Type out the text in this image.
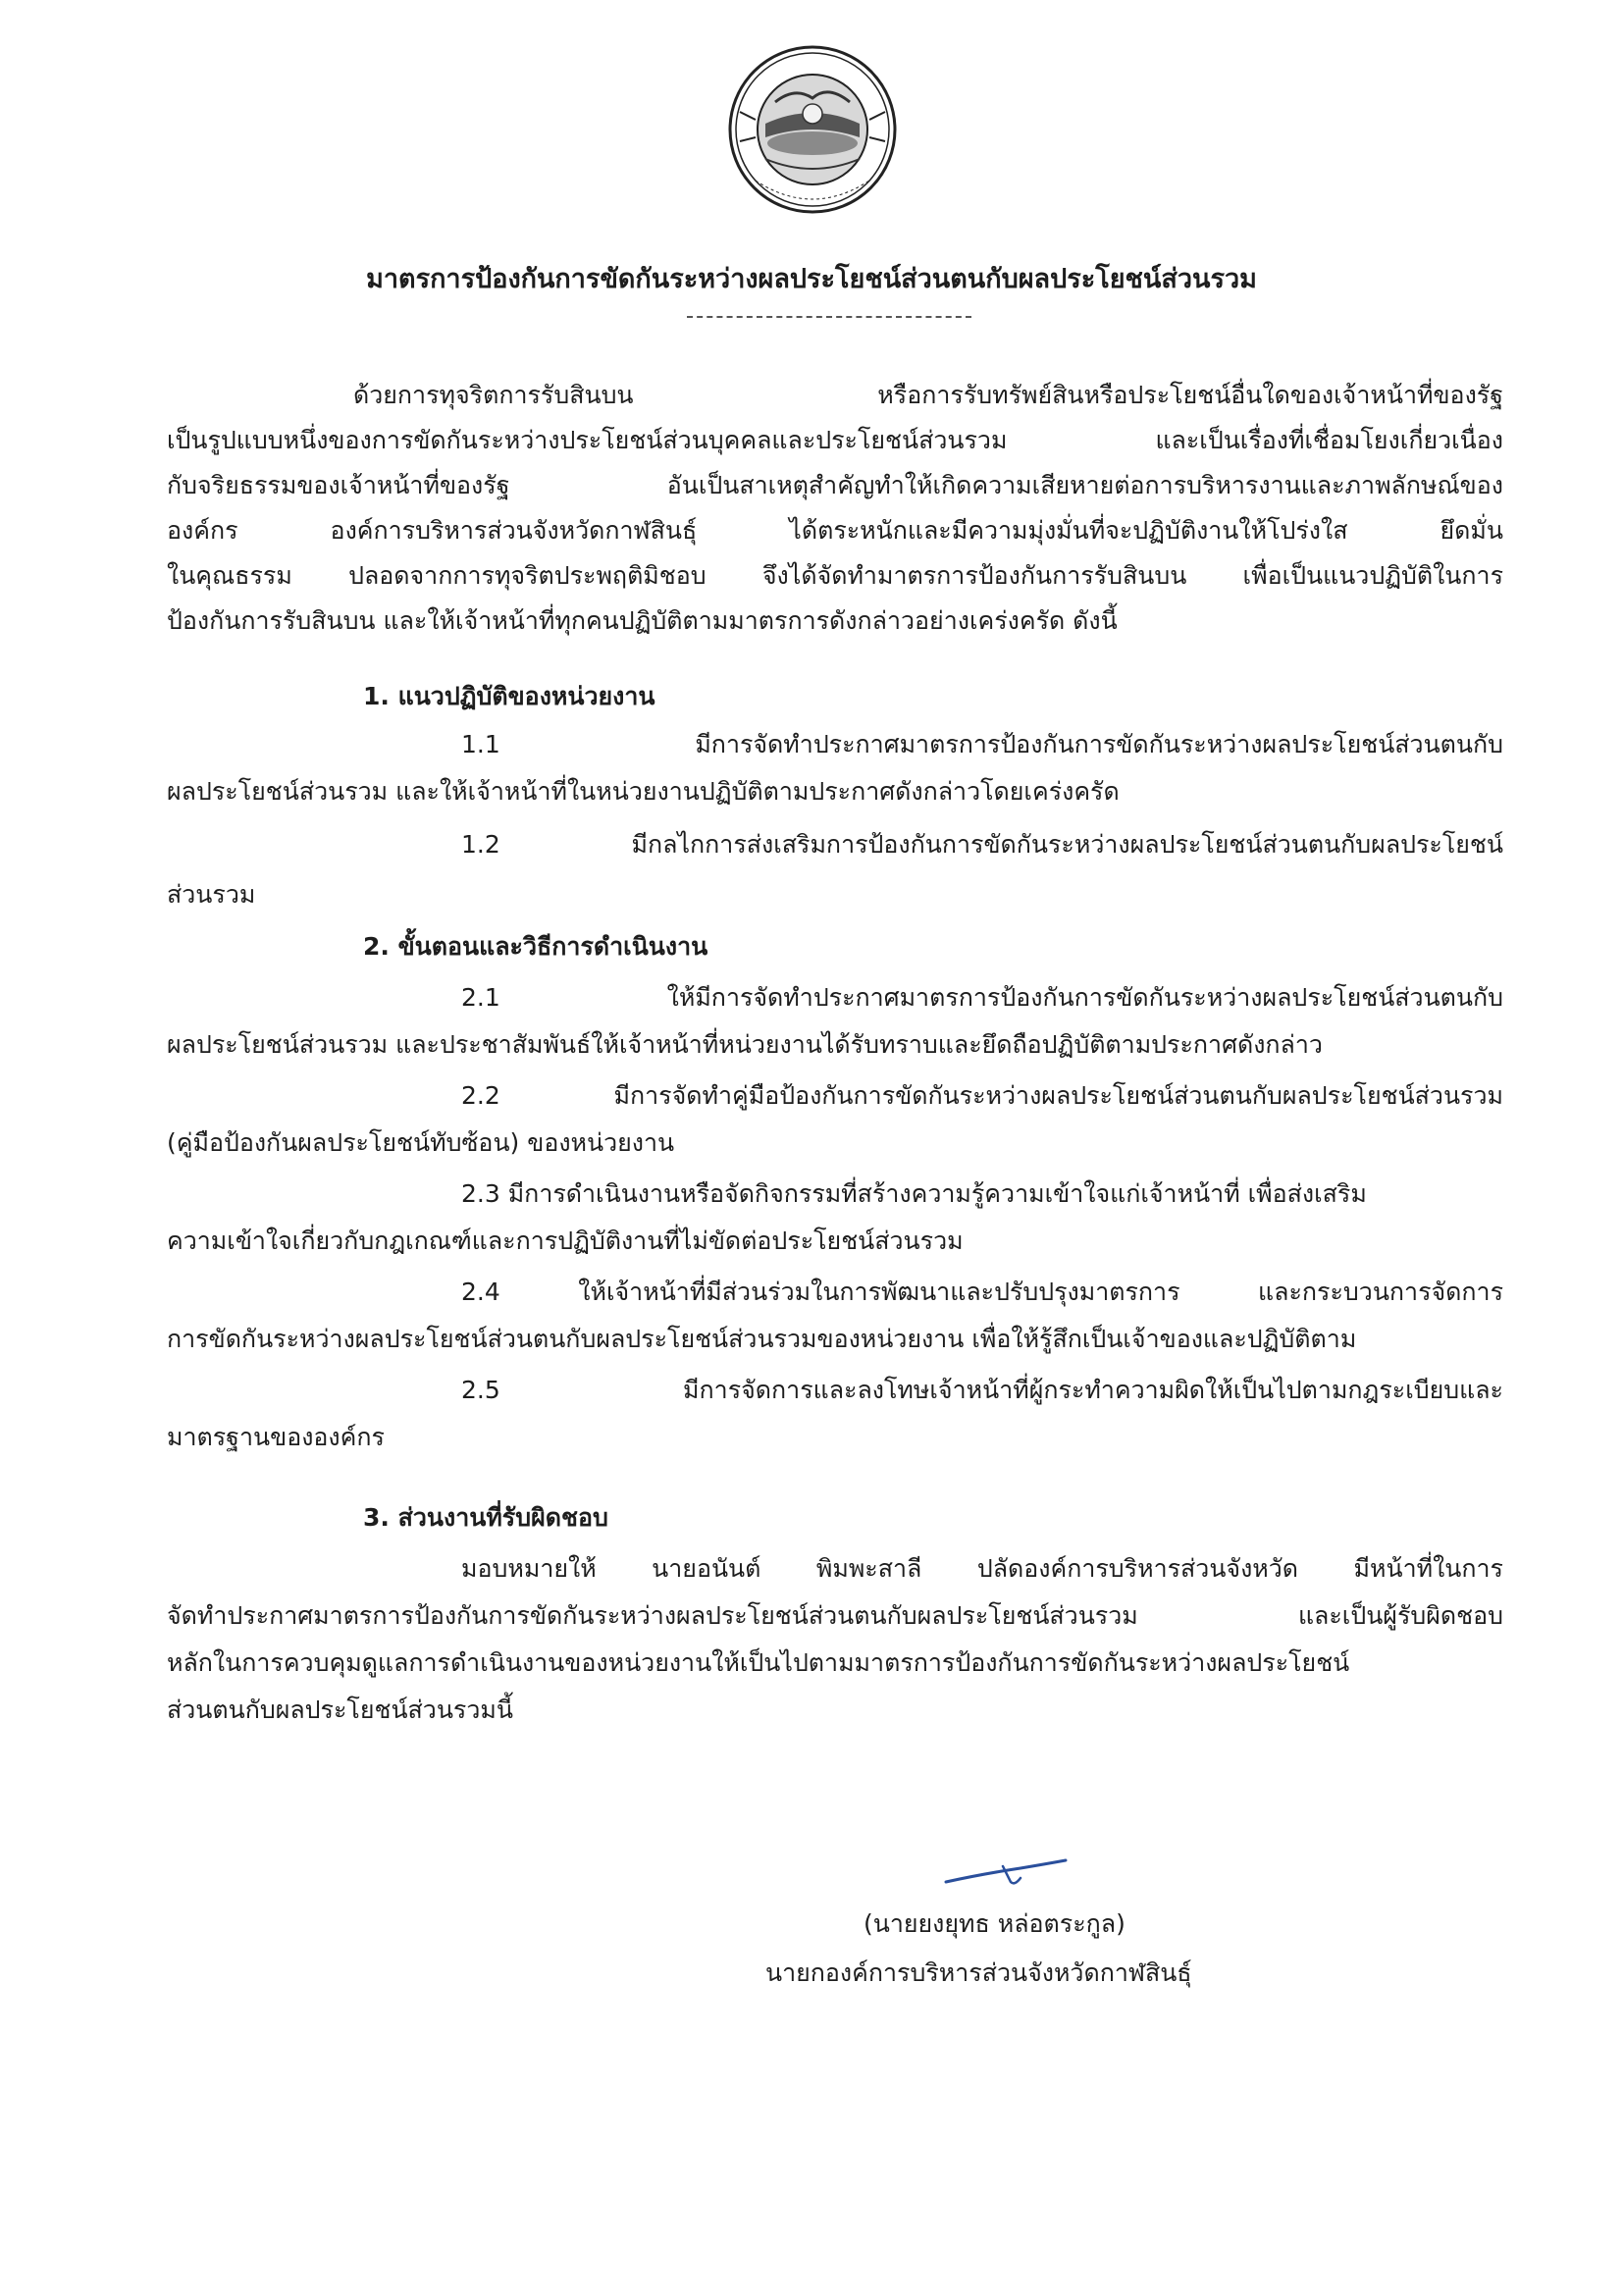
มาตรการป้องกันการขัดกันระหว่างผลประโยชน์ส่วนตนกับผลประโยชน์ส่วนรวม
ด้วยการทุจริตการรับสินบน หรือการรับทรัพย์สินหรือประโยชน์อื่นใดของเจ้าหน้าที่ของรัฐ
เป็นรูปแบบหนึ่งของการขัดกันระหว่างประโยชน์ส่วนบุคคลและประโยชน์ส่วนรวม และเป็นเรื่องที่เชื่อมโยงเกี่ยวเนื่อง
กับจริยธรรมของเจ้าหน้าที่ของรัฐ อันเป็นสาเหตุสำคัญทำให้เกิดความเสียหายต่อการบริหารงานและภาพลักษณ์ของ
องค์กร องค์การบริหารส่วนจังหวัดกาฬสินธุ์ ได้ตระหนักและมีความมุ่งมั่นที่จะปฏิบัติงานให้โปร่งใส ยึดมั่น
ในคุณธรรม ปลอดจากการทุจริตประพฤติมิชอบ จึงได้จัดทำมาตรการป้องกันการรับสินบน เพื่อเป็นแนวปฏิบัติในการ
ป้องกันการรับสินบน และให้เจ้าหน้าที่ทุกคนปฏิบัติตามมาตรการดังกล่าวอย่างเคร่งครัด ดังนี้
1. แนวปฏิบัติของหน่วยงาน
1.1 มีการจัดทำประกาศมาตรการป้องกันการขัดกันระหว่างผลประโยชน์ส่วนตนกับ
ผลประโยชน์ส่วนรวม และให้เจ้าหน้าที่ในหน่วยงานปฏิบัติตามประกาศดังกล่าวโดยเคร่งครัด
1.2 มีกลไกการส่งเสริมการป้องกันการขัดกันระหว่างผลประโยชน์ส่วนตนกับผลประโยชน์
ส่วนรวม
2. ขั้นตอนและวิธีการดำเนินงาน
2.1 ให้มีการจัดทำประกาศมาตรการป้องกันการขัดกันระหว่างผลประโยชน์ส่วนตนกับ
ผลประโยชน์ส่วนรวม และประชาสัมพันธ์ให้เจ้าหน้าที่หน่วยงานได้รับทราบและยึดถือปฏิบัติตามประกาศดังกล่าว
2.2 มีการจัดทำคู่มือป้องกันการขัดกันระหว่างผลประโยชน์ส่วนตนกับผลประโยชน์ส่วนรวม
(คู่มือป้องกันผลประโยชน์ทับซ้อน) ของหน่วยงาน
2.3 มีการดำเนินงานหรือจัดกิจกรรมที่สร้างความรู้ความเข้าใจแก่เจ้าหน้าที่ เพื่อส่งเสริม
ความเข้าใจเกี่ยวกับกฎเกณฑ์และการปฏิบัติงานที่ไม่ขัดต่อประโยชน์ส่วนรวม
2.4 ให้เจ้าหน้าที่มีส่วนร่วมในการพัฒนาและปรับปรุงมาตรการ และกระบวนการจัดการ
การขัดกันระหว่างผลประโยชน์ส่วนตนกับผลประโยชน์ส่วนรวมของหน่วยงาน เพื่อให้รู้สึกเป็นเจ้าของและปฏิบัติตาม
2.5 มีการจัดการและลงโทษเจ้าหน้าที่ผู้กระทำความผิดให้เป็นไปตามกฎระเบียบและ
มาตรฐานขององค์กร
3. ส่วนงานที่รับผิดชอบ
มอบหมายให้ นายอนันต์ พิมพะสาลี ปลัดองค์การบริหารส่วนจังหวัด มีหน้าที่ในการ
จัดทำประกาศมาตรการป้องกันการขัดกันระหว่างผลประโยชน์ส่วนตนกับผลประโยชน์ส่วนรวม และเป็นผู้รับผิดชอบ
หลักในการควบคุมดูแลการดำเนินงานของหน่วยงานให้เป็นไปตามมาตรการป้องกันการขัดกันระหว่างผลประโยชน์
ส่วนตนกับผลประโยชน์ส่วนรวมนี้
(นายยงยุทธ หล่อตระกูล)
นายกองค์การบริหารส่วนจังหวัดกาฬสินธุ์
